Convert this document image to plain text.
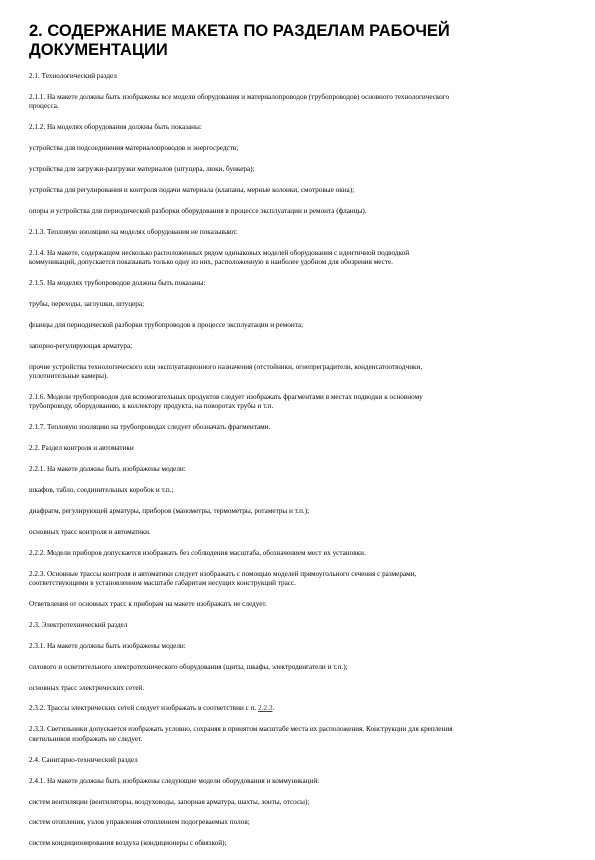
2. СОДЕРЖАНИЕ МАКЕТА ПО РАЗДЕЛАМ РАБОЧЕЙ ДОКУМЕНТАЦИИ

2.1. Технологический раздел

2.1.1. На макете должны быть изображены все модели оборудования и материалопроводов (трубопроводов) основного технологического
процесса.

2.1.2. На моделях оборудования должны быть показаны:

устройства для подсоединения материалопроводов и энергосредств;

устройства для загрузки-разгрузки материалов (штуцера, люки, бункера);

устройства для регулирования и контроля подачи материала (клапаны, мерные колонки, смотровые окна);

опоры и устройства для периодической разборки оборудования в процессе эксплуатации и ремонта (фланцы).

2.1.3. Тепловую изоляцию на моделях оборудования не показывают.

2.1.4. На макете, содержащем несколько расположенных рядом одинаковых моделей оборудования с идентичной подводкой
коммуникаций, допускается показывать только одну из них, расположенную в наиболее удобном для обозрения месте.

2.1.5. На моделях трубопроводов должны быть показаны:

трубы, переходы, заглушки, штуцера;

фланцы для периодической разборки трубопроводов в процессе эксплуатации и ремонта;

запорно-регулирующая арматура;

прочие устройства технологического или эксплуатационного назначения (отстойники, огнепреградители, конденсатоотводчики,
уплотнительные камеры).

2.1.6. Модели трубопроводов для вспомогательных продуктов следует изображать фрагментами в местах подводки к основному
трубопроводу, оборудованию, к коллектору продукта, на поворотах трубы и т.п.

2.1.7. Тепловую изоляцию на трубопроводах следует обозначать фрагментами.

2.2. Раздел контроля и автоматики

2.2.1. На макете должны быть изображены модели:

шкафов, табло, соединительных коробок и т.п.;

диафрагм, регулирующей арматуры, приборов (манометры, термометры, ротаметры и т.п.);

основных трасс контроля и автоматики.

2.2.2. Модели приборов допускается изображать без соблюдения масштаба, обозначением мест их установки.

2.2.3. Основные трассы контроля и автоматики следует изображать с помощью моделей прямоугольного сечения с размерами,
соответствующими в установленном масштабе габаритам несущих конструкций трасс.

Ответвления от основных трасс к приборам на макете изображать не следует.

2.3. Электротехнический раздел

2.3.1. На макете должны быть изображены модели:

силового и осветительного электротехнического оборудования (щиты, шкафы, электродвигатели и т.п.);

основных трасс электрических сетей.

2.3.2. Трассы электрических сетей следует изображать в соответствии с п. 2.2.3.

2.3.3. Светильники допускается изображать условно, сохраняя в принятом масштабе места их расположения. Конструкции для крепления
светильников изображать не следует.

2.4. Санитарно-технический раздел

2.4.1. На макете должны быть изображены следующие модели оборудования и коммуникаций:

систем вентиляции (вентиляторы, воздуховоды, запорная арматура, шахты, зонты, отсосы);

систем отопления, узлов управления отоплением подогреваемых полов;

систем кондиционирования воздуха (кондиционеры с обвязкой);
